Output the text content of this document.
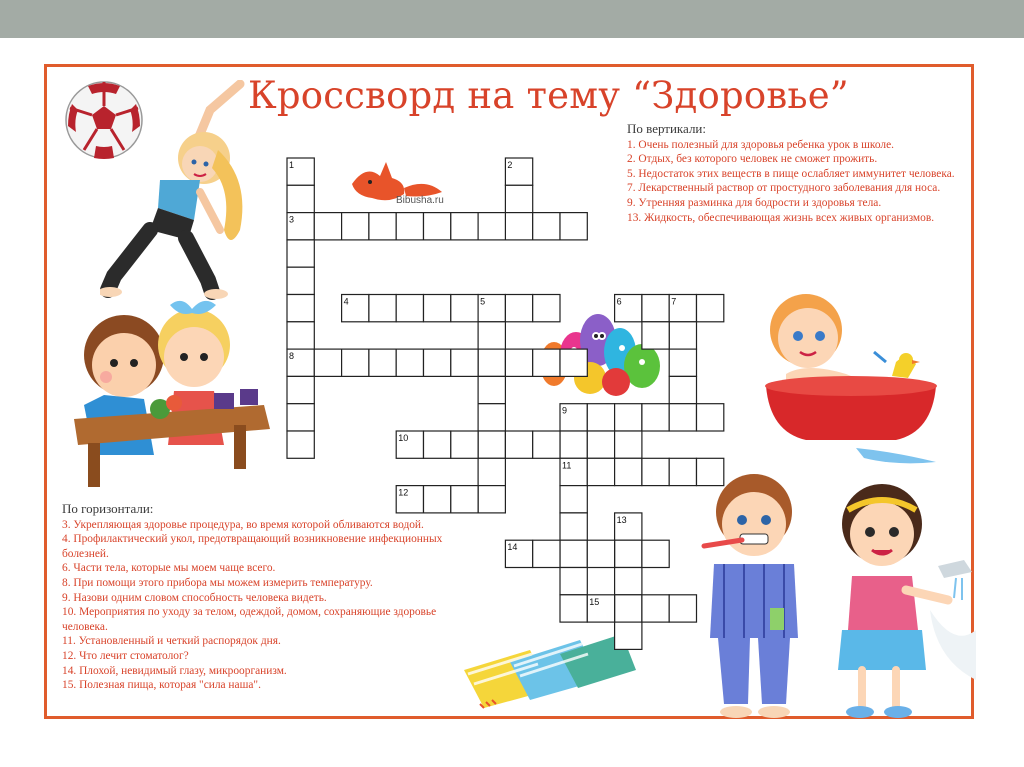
Кроссворд на тему “Здоровье”
Bibusha.ru
1	2
3
4	5	6	7
8
9
10
11
12
13
14
15
По вертикали:
1. Очень полезный для здоровья ребенка урок в школе.
2. Отдых, без которого человек не сможет прожить.
5. Недостаток этих веществ в пище ослабляет иммунитет человека.
7. Лекарственный раствор от простудного заболевания для носа.
9. Утренняя разминка для бодрости и здоровья тела.
13. Жидкость, обеспечивающая жизнь всех живых организмов.
По горизонтали:
3. Укрепляющая здоровье процедура, во время которой обливаются водой.
4. Профилактический укол, предотвращающий возникновение инфекционных болезней.
6. Части тела, которые мы моем чаще всего.
8. При помощи этого прибора мы можем измерить температуру.
9. Назови одним словом способность человека видеть.
10. Мероприятия по уходу за телом, одеждой, домом, сохраняющие здоровье человека.
11. Установленный и четкий распорядок дня.
12. Что лечит стоматолог?
14. Плохой, невидимый глазу, микроорганизм.
15. Полезная пища, которая "сила наша".
